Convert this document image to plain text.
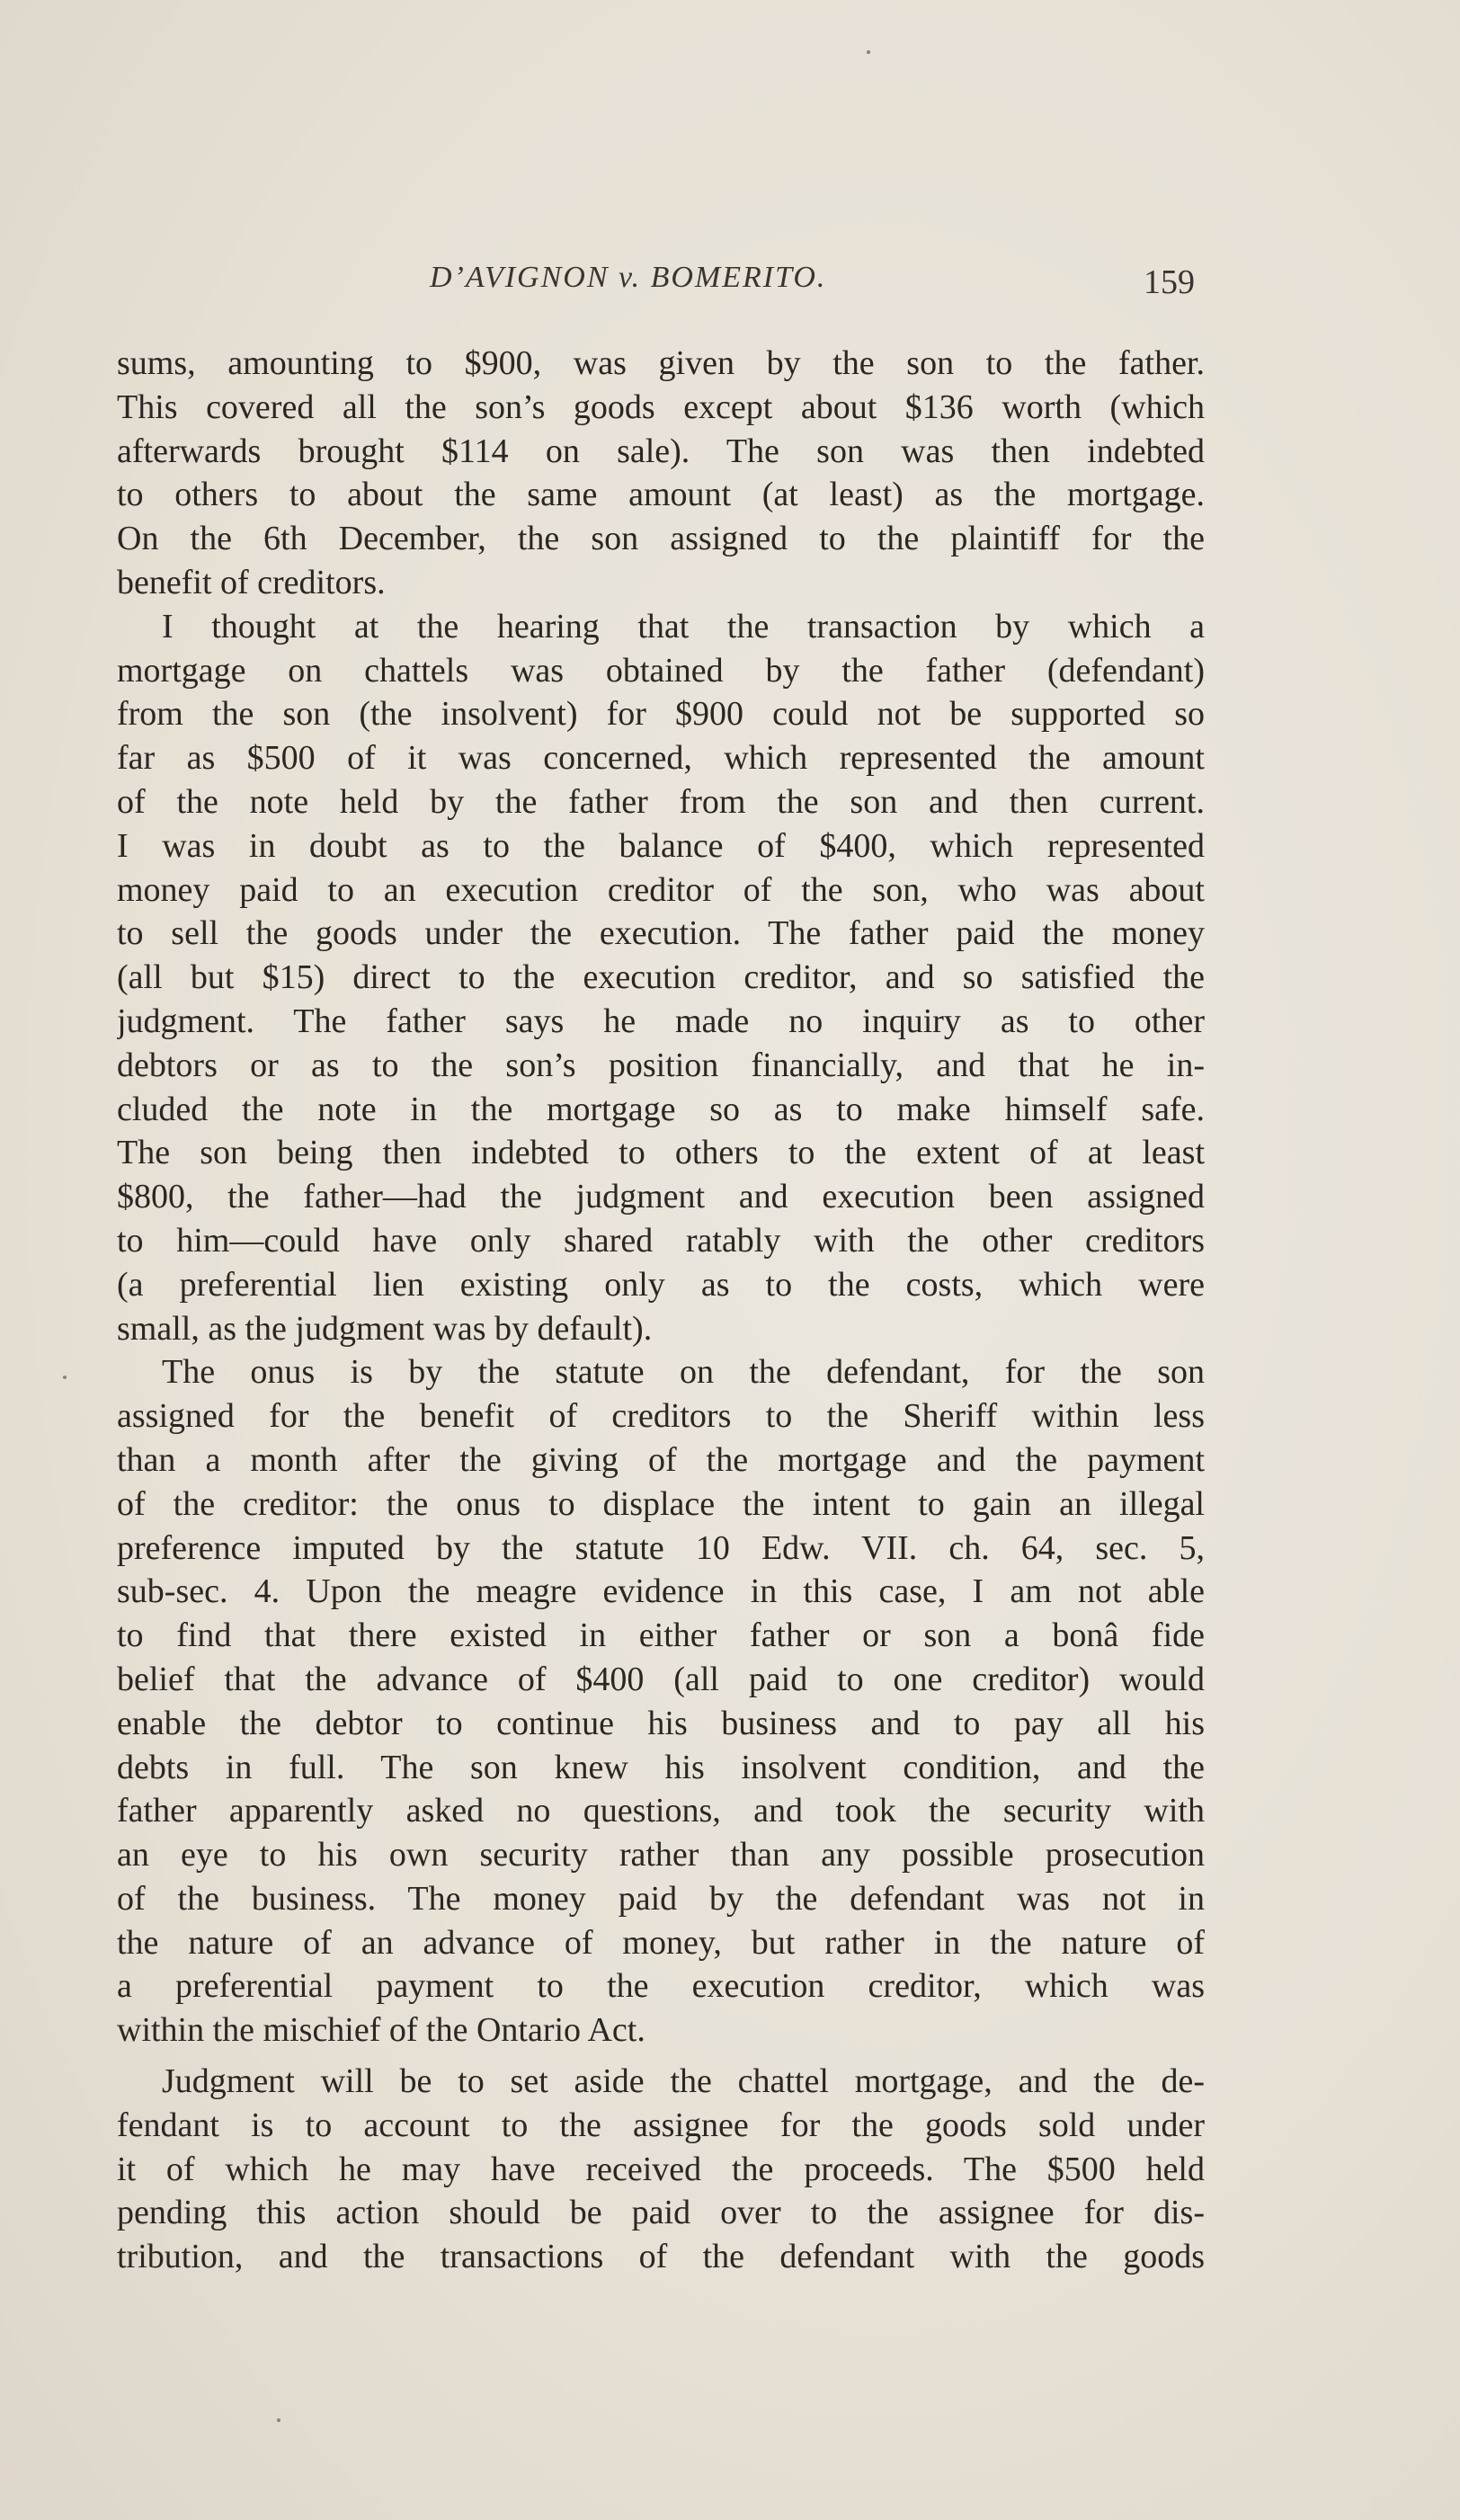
D’AVIGNON v. BOMERITO.	159
sums, amounting to $900, was given by the son to the father.
This covered all the son’s goods except about $136 worth (which
afterwards brought $114 on sale). The son was then indebted
to others to about the same amount (at least) as the mortgage.
On the 6th December, the son assigned to the plaintiff for the
benefit of creditors.
I thought at the hearing that the transaction by which a
mortgage on chattels was obtained by the father (defendant)
from the son (the insolvent) for $900 could not be supported so
far as $500 of it was concerned, which represented the amount
of the note held by the father from the son and then current.
I was in doubt as to the balance of $400, which represented
money paid to an execution creditor of the son, who was about
to sell the goods under the execution. The father paid the money
(all but $15) direct to the execution creditor, and so satisfied the
judgment. The father says he made no inquiry as to other
debtors or as to the son’s position financially, and that he in-
cluded the note in the mortgage so as to make himself safe.
The son being then indebted to others to the extent of at least
$800, the father—had the judgment and execution been assigned
to him—could have only shared ratably with the other creditors
(a preferential lien existing only as to the costs, which were
small, as the judgment was by default).
The onus is by the statute on the defendant, for the son
assigned for the benefit of creditors to the Sheriff within less
than a month after the giving of the mortgage and the payment
of the creditor: the onus to displace the intent to gain an illegal
preference imputed by the statute 10 Edw. VII. ch. 64, sec. 5,
sub-sec. 4. Upon the meagre evidence in this case, I am not able
to find that there existed in either father or son a bonâ fide
belief that the advance of $400 (all paid to one creditor) would
enable the debtor to continue his business and to pay all his
debts in full. The son knew his insolvent condition, and the
father apparently asked no questions, and took the security with
an eye to his own security rather than any possible prosecution
of the business. The money paid by the defendant was not in
the nature of an advance of money, but rather in the nature of
a preferential payment to the execution creditor, which was
within the mischief of the Ontario Act.
Judgment will be to set aside the chattel mortgage, and the de-
fendant is to account to the assignee for the goods sold under
it of which he may have received the proceeds. The $500 held
pending this action should be paid over to the assignee for dis-
tribution, and the transactions of the defendant with the goods
